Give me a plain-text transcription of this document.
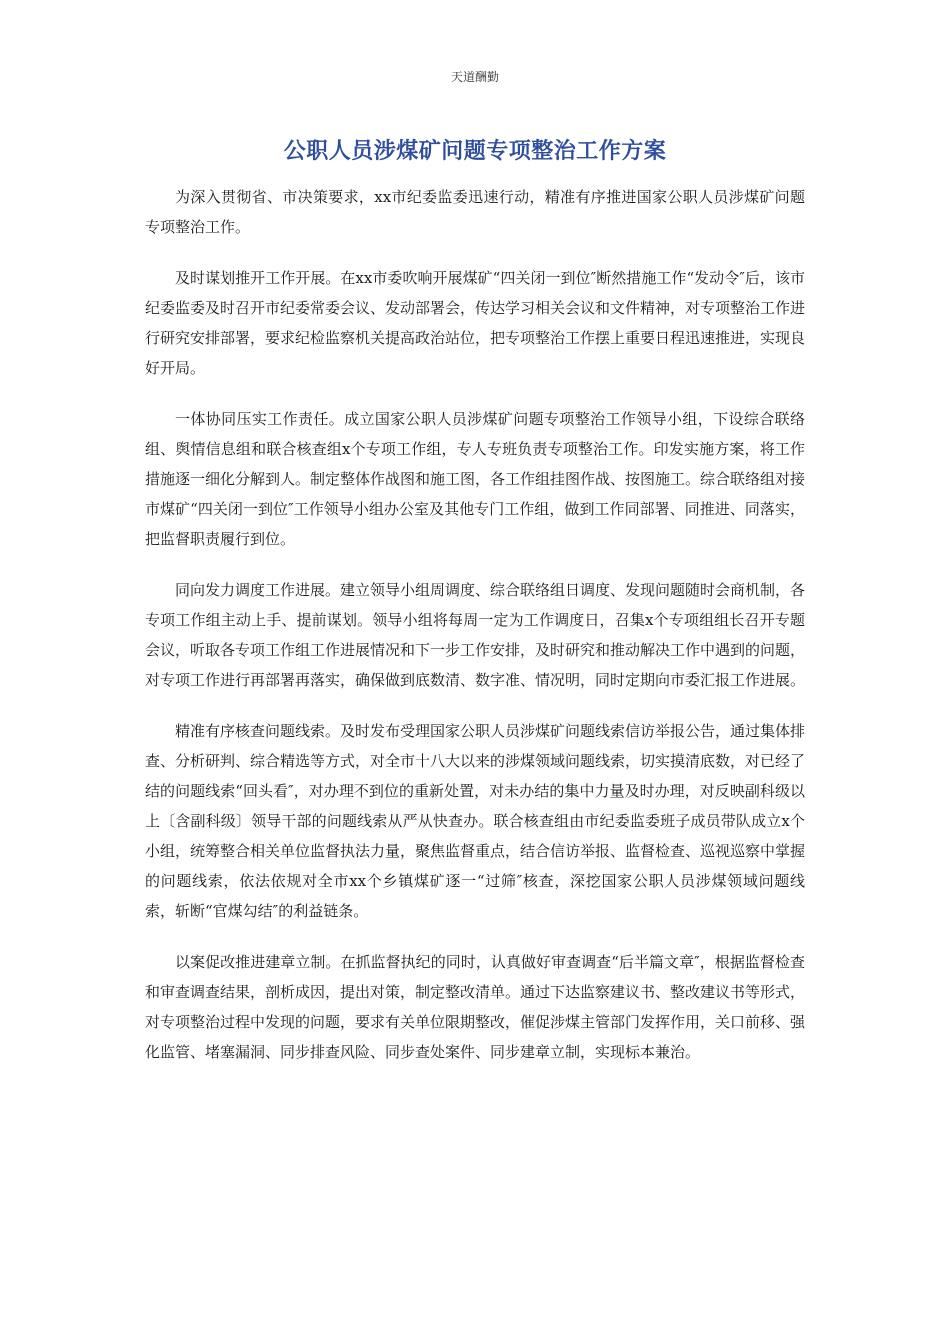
天道酬勤
公职人员涉煤矿问题专项整治工作方案

为深入贯彻省、市决策要求，xx市纪委监委迅速行动，精准有序推进国家公职人员涉煤矿问题专项整治工作。

及时谋划推开工作开展。在xx市委吹响开展煤矿“四关闭一到位″断然措施工作“发动令″后，该市纪委监委及时召开市纪委常委会议、发动部署会，传达学习相关会议和文件精神，对专项整治工作进行研究安排部署，要求纪检监察机关提高政治站位，把专项整治工作摆上重要日程迅速推进，实现良好开局。

一体协同压实工作责任。成立国家公职人员涉煤矿问题专项整治工作领导小组，下设综合联络组、舆情信息组和联合核查组x个专项工作组，专人专班负责专项整治工作。印发实施方案，将工作措施逐一细化分解到人。制定整体作战图和施工图，各工作组挂图作战、按图施工。综合联络组对接市煤矿“四关闭一到位″工作领导小组办公室及其他专门工作组，做到工作同部署、同推进、同落实，把监督职责履行到位。

同向发力调度工作进展。建立领导小组周调度、综合联络组日调度、发现问题随时会商机制，各专项工作组主动上手、提前谋划。领导小组将每周一定为工作调度日，召集x个专项组组长召开专题会议，听取各专项工作组工作进展情况和下一步工作安排，及时研究和推动解决工作中遇到的问题，对专项工作进行再部署再落实，确保做到底数清、数字准、情况明，同时定期向市委汇报工作进展。

精准有序核查问题线索。及时发布受理国家公职人员涉煤矿问题线索信访举报公告，通过集体排查、分析研判、综合精选等方式，对全市十八大以来的涉煤领域问题线索，切实摸清底数，对已经了结的问题线索“回头看″，对办理不到位的重新处置，对未办结的集中力量及时办理，对反映副科级以上〔含副科级〕领导干部的问题线索从严从快查办。联合核查组由市纪委监委班子成员带队成立x个小组，统筹整合相关单位监督执法力量，聚焦监督重点，结合信访举报、监督检查、巡视巡察中掌握的问题线索，依法依规对全市xx个乡镇煤矿逐一“过筛″核查，深挖国家公职人员涉煤领域问题线索，斩断“官煤勾结″的利益链条。

以案促改推进建章立制。在抓监督执纪的同时，认真做好审查调查“后半篇文章″，根据监督检查和审查调查结果，剖析成因，提出对策，制定整改清单。通过下达监察建议书、整改建议书等形式，对专项整治过程中发现的问题，要求有关单位限期整改，催促涉煤主管部门发挥作用，关口前移、强化监管、堵塞漏洞、同步排查风险、同步查处案件、同步建章立制，实现标本兼治。
